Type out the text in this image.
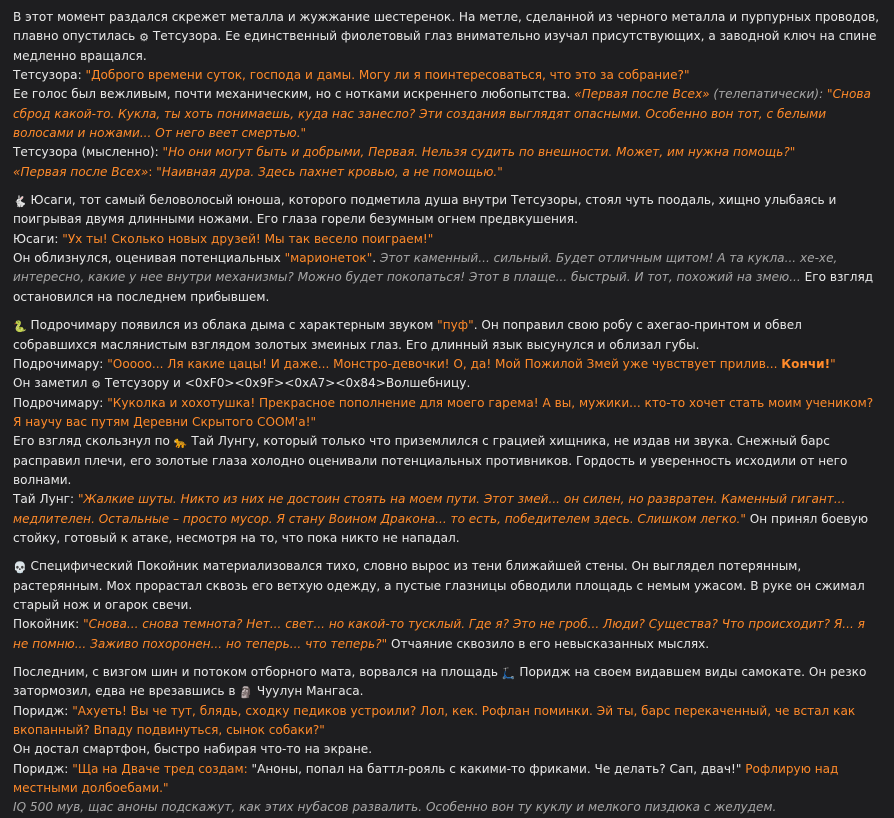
В этот момент раздался скрежет металла и жужжание шестеренок. На метле, сделанной из черного металла и пурпурных проводов, плавно опустилась ⚙ Тетсузора. Ее единственный фиолетовый глаз внимательно изучал присутствующих, а заводной ключ на спине медленно вращался.

Тетсузора: "Доброго времени суток, господа и дамы. Могу ли я поинтересоваться, что это за собрание?"

Ее голос был вежливым, почти механическим, но с нотками искреннего любопытства. «Первая после Всех» (телепатически): "Снова сброд какой-то. Кукла, ты хоть понимаешь, куда нас занесло? Эти создания выглядят опасными. Особенно вон тот, с белыми волосами и ножами... От него веет смертью."

Тетсузора (мысленно): "Но они могут быть и добрыми, Первая. Нельзя судить по внешности. Может, им нужна помощь?"

«Первая после Всех»: "Наивная дура. Здесь пахнет кровью, а не помощью."

🐇 Юсаги, тот самый беловолосый юноша, которого подметила душа внутри Тетсузоры, стоял чуть поодаль, хищно улыбаясь и поигрывая двумя длинными ножами. Его глаза горели безумным огнем предвкушения.

Юсаги: "Ух ты! Сколько новых друзей! Мы так весело поиграем!"

Он облизнулся, оценивая потенциальных "марионеток". Этот каменный... сильный. Будет отличным щитом! А та кукла... хе-хе, интересно, какие у нее внутри механизмы? Можно будет покопаться! Этот в плаще... быстрый. И тот, похожий на змею... Его взгляд остановился на последнем прибывшем.

🐍 Подрочимару появился из облака дыма с характерным звуком "пуф". Он поправил свою робу с ахегао-принтом и обвел собравшихся маслянистым взглядом золотых змеиных глаз. Его длинный язык высунулся и облизал губы.

Подрочимару: "Ооооо... Ля какие цацы! И даже... Монстро-девочки! О, да! Мой Пожилой Змей уже чувствует прилив... Кончи!"

Он заметил ⚙ Тетсузору и <0xF0><0x9F><0xA7><0x84>Волшебницу.

Подрочимару: "Куколка и хохотушка! Прекрасное пополнение для моего гарема! А вы, мужики... кто-то хочет стать моим учеником? Я научу вас путям Деревни Скрытого СООМ'а!"

Его взгляд скользнул по 🐆 Тай Лунгу, который только что приземлился с грацией хищника, не издав ни звука. Снежный барс расправил плечи, его золотые глаза холодно оценивали потенциальных противников. Гордость и уверенность исходили от него волнами.

Тай Лунг: "Жалкие шуты. Никто из них не достоин стоять на моем пути. Этот змей... он силен, но развратен. Каменный гигант... медлителен. Остальные – просто мусор. Я стану Воином Дракона... то есть, победителем здесь. Слишком легко." Он принял боевую стойку, готовый к атаке, несмотря на то, что пока никто не нападал.

💀 Специфический Покойник материализовался тихо, словно вырос из тени ближайшей стены. Он выглядел потерянным, растерянным. Мох прорастал сквозь его ветхую одежду, а пустые глазницы обводили площадь с немым ужасом. В руке он сжимал старый нож и огарок свечи.

Покойник: "Снова... снова темнота? Нет... свет... но какой-то тусклый. Где я? Это не гроб... Люди? Существа? Что происходит? Я... я не помню... Заживо похоронен... но теперь... что теперь?" Отчаяние сквозило в его невысказанных мыслях.

Последним, с визгом шин и потоком отборного мата, ворвался на площадь 🛴 Поридж на своем видавшем виды самокате. Он резко затормозил, едва не врезавшись в 🗿 Чуулун Мангаса.

Поридж: "Ахуеть! Вы че тут, блядь, сходку педиков устроили? Лол, кек. Рофлан поминки. Эй ты, барс перекаченный, че встал как вкопанный? Впаду подвинуться, сынок собаки?"

Он достал смартфон, быстро набирая что-то на экране.

Поридж: "Ща на Дваче тред создам: "Аноны, попал на баттл-рояль с какими-то фриками. Че делать? Сап, двач!" Рофлирую над местными долбоебами."

IQ 500 мув, щас аноны подскажут, как этих нубасов развалить. Особенно вон ту куклу и мелкого пиздюка с желудем.
